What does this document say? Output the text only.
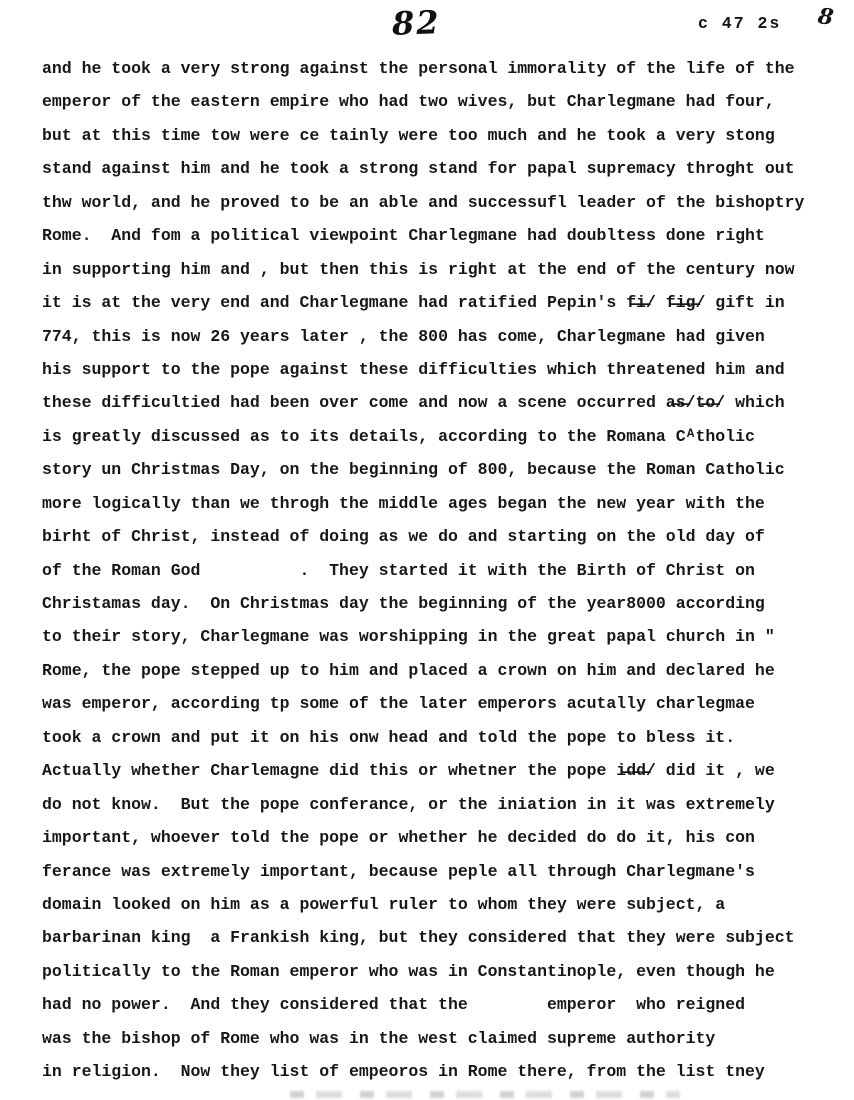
82	c 47 2s 8
and he took a very strong against the personal immorality of the life of the
emperor of the eastern empire who had two wives, but Charlegmane had four,
but at this time tow were ce tainly were too much and he took a very stong
stand against him and he took a strong stand for papal supremacy throght out
thw world, and he proved to be an able and successufl leader of the bishoptry
Rome.  And fom a political viewpoint Charlegmane had doubltess done right
in supporting him and , but then this is right at the end of the century now
it is at the very end and Charlegmane had ratified Pepin's f̶i̶/ f̶i̶g̶/ gift in
774, this is now 26 years later , the 800 has come, Charlegmane had given
his support to the pope against these difficulties which threatened him and
these difficultied had been over come and now a scene occurred a̶s̶/t̶o̶/ which
is greatly discussed as to its details, according to the Romana Cᴬtholic
story un Christmas Day, on the beginning of 800, because the Roman Catholic
more logically than we throgh the middle ages began the new year with the
birht of Christ, instead of doing as we do and starting on the old day of
of the Roman God          .  They started it with the Birth of Christ on
Christamas day.  On Christmas day the beginning of the year8000 according
to their story, Charlegmane was worshipping in the great papal church in "
Rome, the pope stepped up to him and placed a crown on him and declared he
was emperor, according tp some of the later emperors acutally charlegmae
took a crown and put it on his onw head and told the pope to bless it.
Actually whether Charlemagne did this or whetner the pope i̶d̶d̶/ did it , we
do not know.  But the pope conferance, or the iniation in it was extremely
important, whoever told the pope or whether he decided do do it, his con
ferance was extremely important, because peple all through Charlegmane's
domain looked on him as a powerful ruler to whom they were subject, a
barbarinan king  a Frankish king, but they considered that they were subject
politically to the Roman emperor who was in Constantinople, even though he
had no power.  And they considered that the        emperor  who reigned
was the bishop of Rome who was in the west claimed supreme authority
in religion.  Now they list of empeoros in Rome there, from the list tney
